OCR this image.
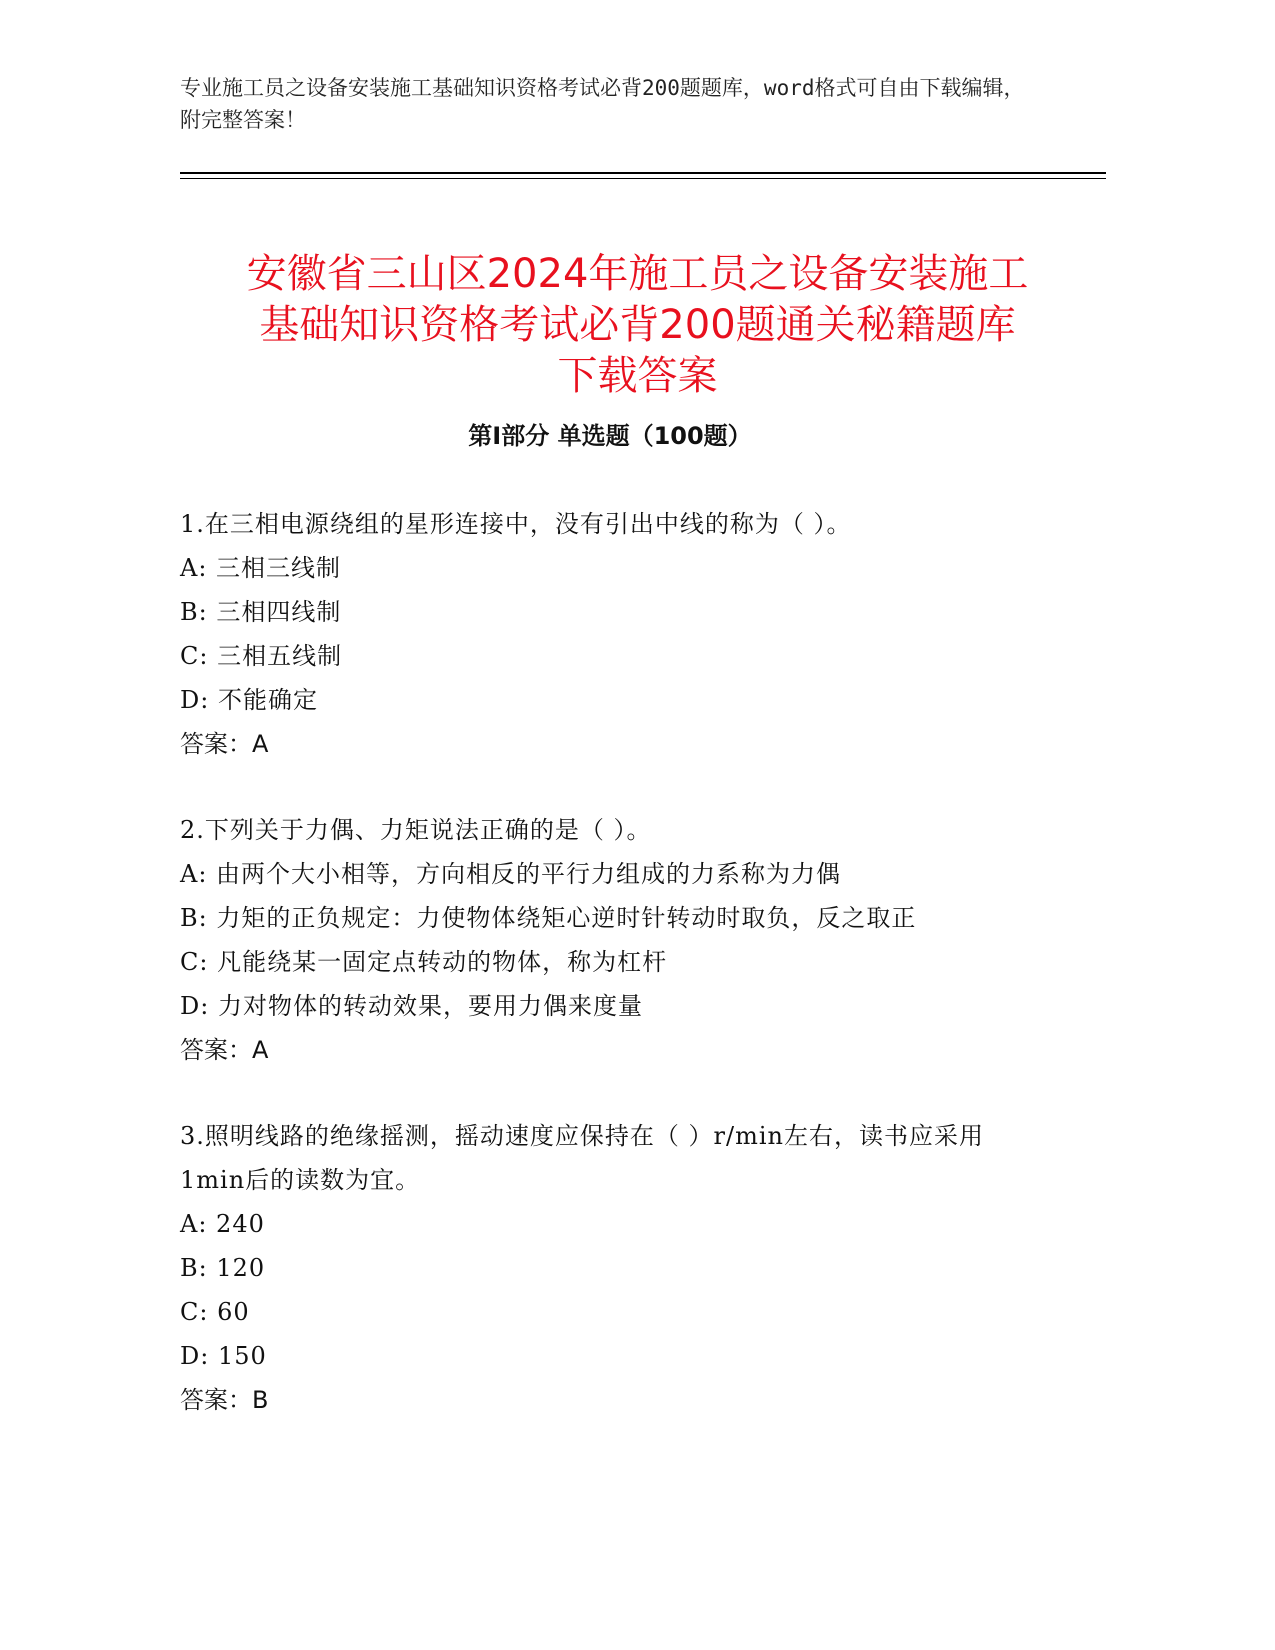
专业施工员之设备安装施工基础知识资格考试必背200题题库，word格式可自由下载编辑，附完整答案！
安徽省三山区2024年施工员之设备安装施工
基础知识资格考试必背200题通关秘籍题库
下载答案
第Ⅰ部分 单选题（100题）
1.在三相电源绕组的星形连接中，没有引出中线的称为（ ）。
A: 三相三线制
B: 三相四线制
C: 三相五线制
D: 不能确定
答案：A
2.下列关于力偶、力矩说法正确的是（ ）。
A: 由两个大小相等，方向相反的平行力组成的力系称为力偶
B: 力矩的正负规定：力使物体绕矩心逆时针转动时取负，反之取正
C: 凡能绕某一固定点转动的物体，称为杠杆
D: 力对物体的转动效果，要用力偶来度量
答案：A
3.照明线路的绝缘摇测，摇动速度应保持在（ ）r/min左右，读书应采用1min后的读数为宜。
A: 240
B: 120
C: 60
D: 150
答案：B
